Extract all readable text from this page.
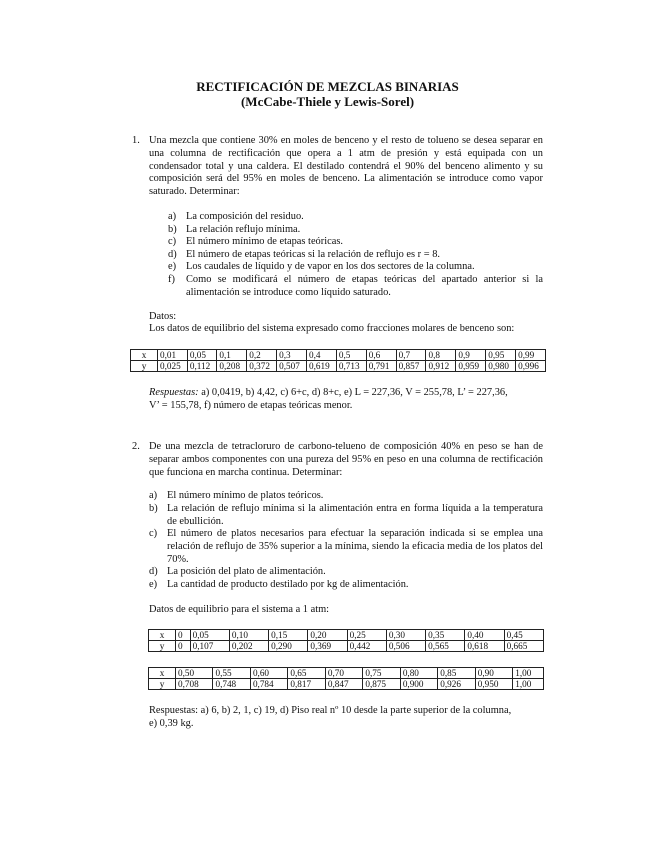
RECTIFICACIÓN DE MEZCLAS BINARIAS
(McCabe-Thiele y Lewis-Sorel)
1. Una mezcla que contiene 30% en moles de benceno y el resto de tolueno se desea separar en una columna de rectificación que opera a 1 atm de presión y está equipada con un condensador total y una caldera. El destilado contendrá el 90% del benceno alimento y su composición será del 95% en moles de benceno. La alimentación se introduce como vapor saturado. Determinar:
a) La composición del residuo.
b) La relación reflujo mínima.
c) El número mínimo de etapas teóricas.
d) El número de etapas teóricas si la relación de reflujo es r = 8.
e) Los caudales de líquido y de vapor en los dos sectores de la columna.
f)	Como se modificará el número de etapas teóricas del apartado anterior si la alimentación se introduce como líquido saturado.
Datos:
Los datos de equilibrio del sistema expresado como fracciones molares de benceno son:
x	0,01	0,05	0,1	0,2	0,3	0,4	0,5	0,6	0,7	0,8	0,9	0,95	0,99
y	0,025	0,112	0,208	0,372	0,507	0,619	0,713	0,791	0,857	0,912	0,959	0,980	0,996
Respuestas: a) 0,0419, b) 4,42, c) 6+c, d) 8+c, e) L = 227,36, V = 255,78, L’ = 227,36,
V’ = 155,78, f) número de etapas teóricas menor.
2. De una mezcla de tetracloruro de carbono-telueno de composición 40% en peso se han de separar ambos componentes con una pureza del 95% en peso en una columna de rectificación que funciona en marcha continua. Determinar:
a) El número mínimo de platos teóricos.
b) La relación de reflujo mínima si la alimentación entra en forma líquida a la temperatura de ebullición.
c) El número de platos necesarios para efectuar la separación indicada si se emplea una relación de reflujo de 35% superior a la mínima, siendo la eficacia media de los platos del 70%.
d) La posición del plato de alimentación.
e) La cantidad de producto destilado por kg de alimentación.
Datos de equilibrio para el sistema a 1 atm:
x	0	0,05	0,10	0,15	0,20	0,25	0,30	0,35	0,40	0,45
y	0	0,107	0,202	0,290	0,369	0,442	0,506	0,565	0,618	0,665
x	0,50	0,55	0,60	0,65	0,70	0,75	0,80	0,85	0,90	1,00
y	0,708	0,748	0,784	0,817	0,847	0,875	0,900	0,926	0,950	1,00
Respuestas: a) 6, b) 2, 1, c) 19, d) Piso real nº 10 desde la parte superior de la columna,
e) 0,39 kg.
